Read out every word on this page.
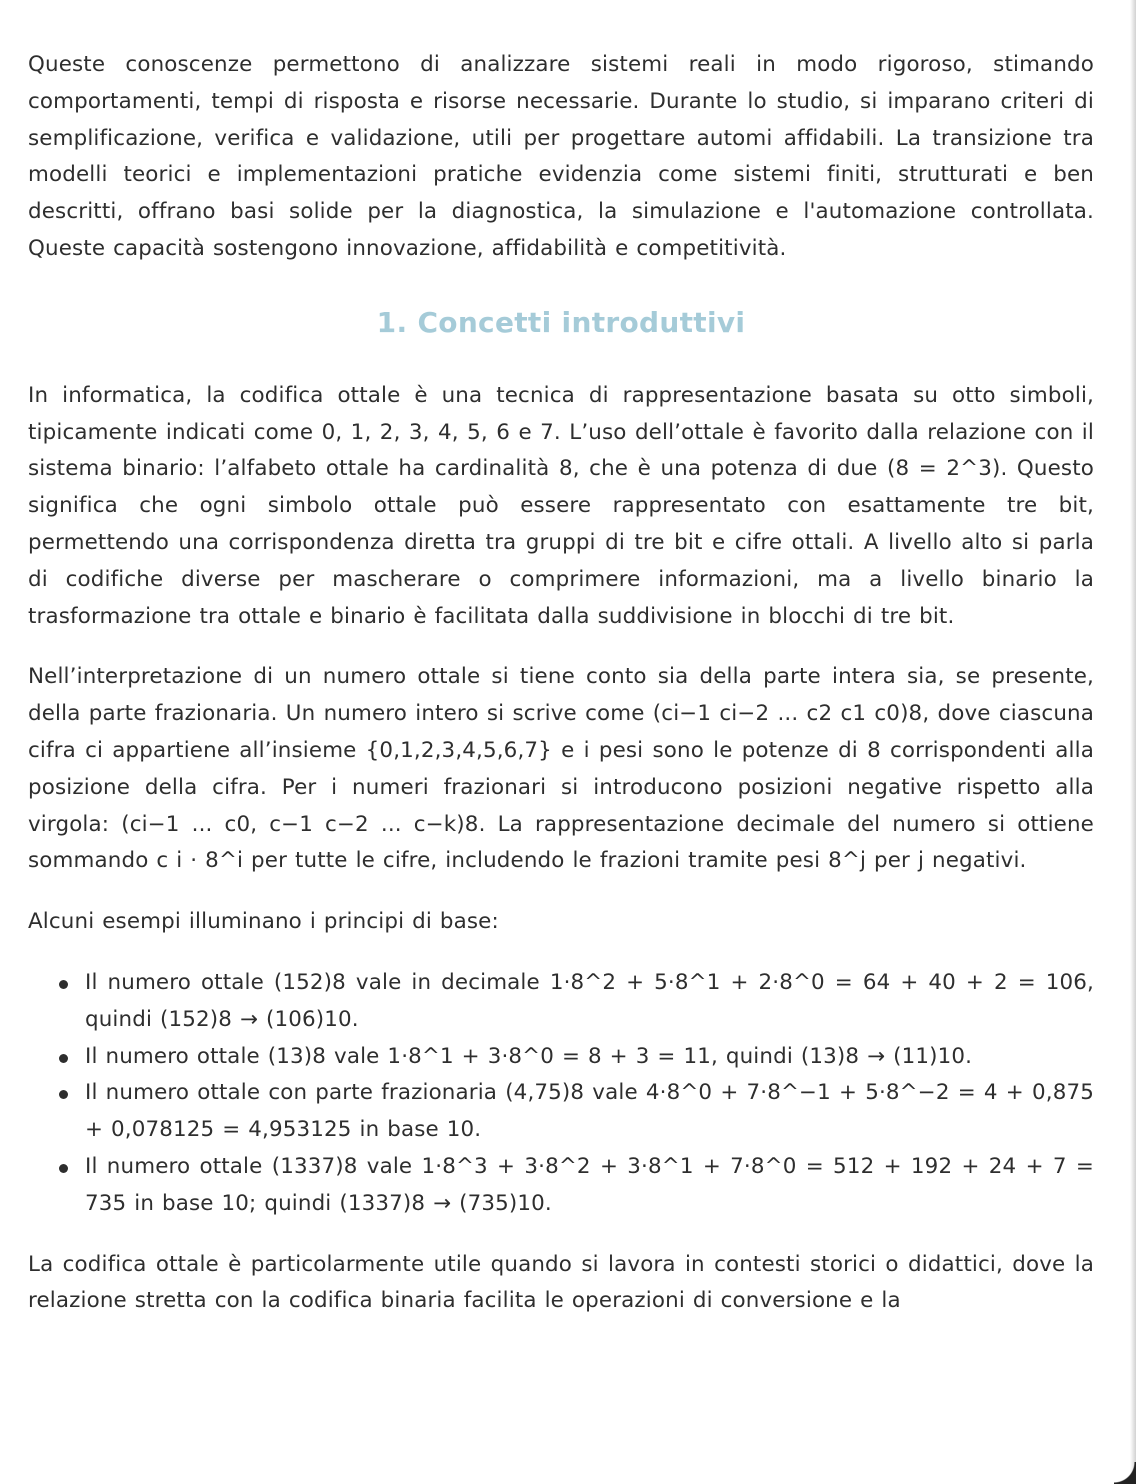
Queste conoscenze permettono di analizzare sistemi reali in modo rigoroso, stimando comportamenti, tempi di risposta e risorse necessarie. Durante lo studio, si imparano criteri di semplificazione, verifica e validazione, utili per progettare automi affidabili. La transizione tra modelli teorici e implementazioni pratiche evidenzia come sistemi finiti, strutturati e ben descritti, offrano basi solide per la diagnostica, la simulazione e l'automazione controllata. Queste capacità sostengono innovazione, affidabilità e competitività.

1. Concetti introduttivi

In informatica, la codifica ottale è una tecnica di rappresentazione basata su otto simboli, tipicamente indicati come 0, 1, 2, 3, 4, 5, 6 e 7. L’uso dell’ottale è favorito dalla relazione con il sistema binario: l’alfabeto ottale ha cardinalità 8, che è una potenza di due (8 = 2^3). Questo significa che ogni simbolo ottale può essere rappresentato con esattamente tre bit, permettendo una corrispondenza diretta tra gruppi di tre bit e cifre ottali. A livello alto si parla di codifiche diverse per mascherare o comprimere informazioni, ma a livello binario la trasformazione tra ottale e binario è facilitata dalla suddivisione in blocchi di tre bit.

Nell’interpretazione di un numero ottale si tiene conto sia della parte intera sia, se presente, della parte frazionaria. Un numero intero si scrive come (ci−1 ci−2 ... c2 c1 c0)8, dove ciascuna cifra ci appartiene all’insieme {0,1,2,3,4,5,6,7} e i pesi sono le potenze di 8 corrispondenti alla posizione della cifra. Per i numeri frazionari si introducono posizioni negative rispetto alla virgola: (ci−1 ... c0, c−1 c−2 ... c−k)8. La rappresentazione decimale del numero si ottiene sommando c i · 8^i per tutte le cifre, includendo le frazioni tramite pesi 8^j per j negativi.

Alcuni esempi illuminano i principi di base:

Il numero ottale (152)8 vale in decimale 1·8^2 + 5·8^1 + 2·8^0 = 64 + 40 + 2 = 106, quindi (152)8 → (106)10.
Il numero ottale (13)8 vale 1·8^1 + 3·8^0 = 8 + 3 = 11, quindi (13)8 → (11)10.
Il numero ottale con parte frazionaria (4,75)8 vale 4·8^0 + 7·8^−1 + 5·8^−2 = 4 + 0,875 + 0,078125 = 4,953125 in base 10.
Il numero ottale (1337)8 vale 1·8^3 + 3·8^2 + 3·8^1 + 7·8^0 = 512 + 192 + 24 + 7 = 735 in base 10; quindi (1337)8 → (735)10.

La codifica ottale è particolarmente utile quando si lavora in contesti storici o didattici, dove la relazione stretta con la codifica binaria facilita le operazioni di conversione e la
